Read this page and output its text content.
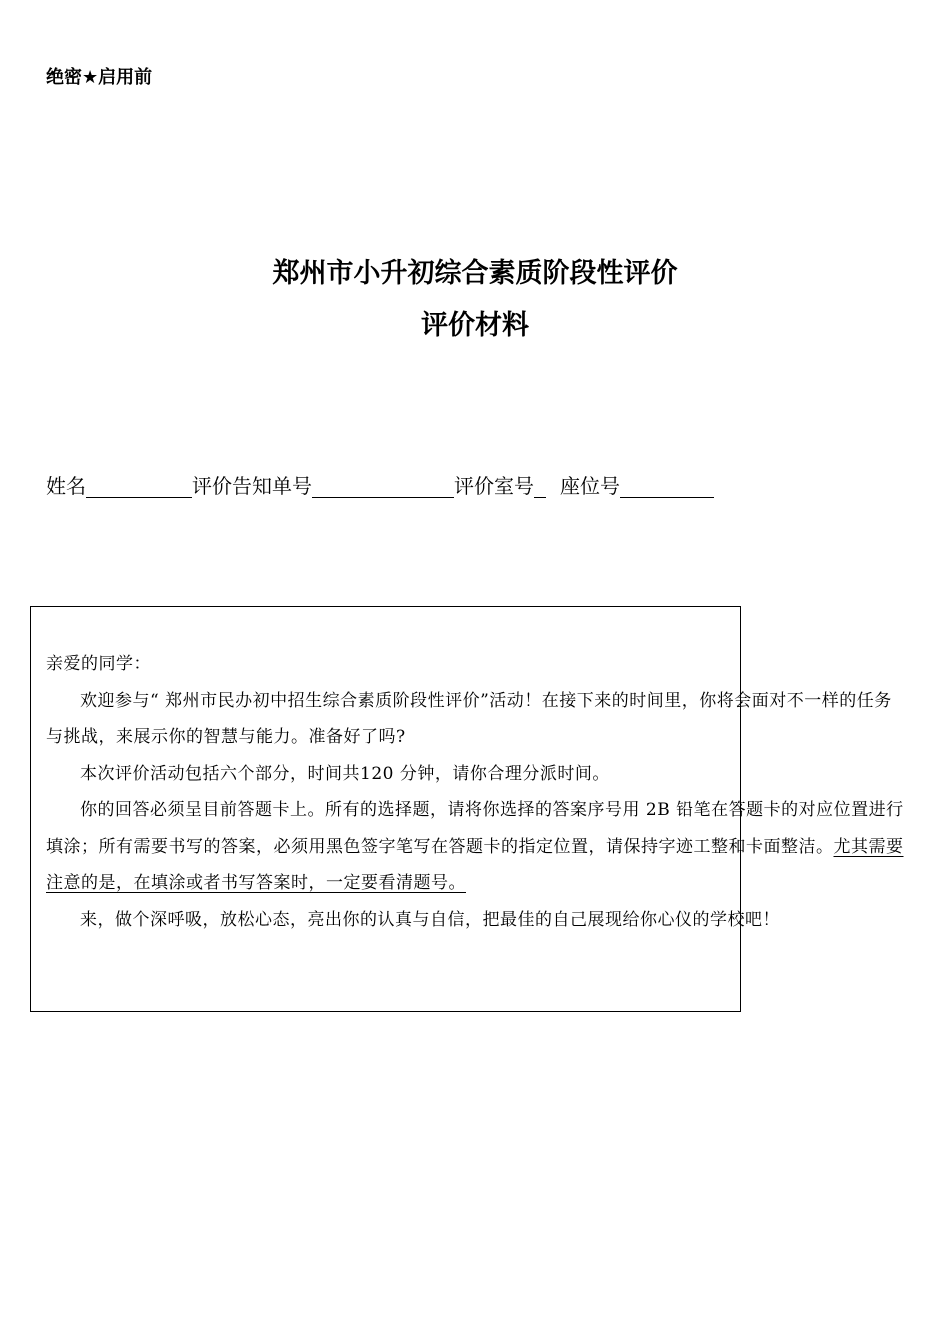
绝密★启用前

郑州市小升初综合素质阶段性评价
评价材料
姓名	评价告知单号	评价室号 座位号

亲爱的同学：

欢迎参与“ 郑州市民办初中招生综合素质阶段性评价”活动！在接下来的时间里，你将会面对不一样的任务与挑战，来展示你的智慧与能力。准备好了吗?

本次评价活动包括六个部分，时间共120 分钟，请你合理分派时间。

你的回答必须呈目前答题卡上。所有的选择题，请将你选择的答案序号用 2B 铅笔在答题卡的对应位置进行填涂；所有需要书写的答案，必须用黑色签字笔写在答题卡的指定位置，请保持字迹工整和卡面整洁。尤其需要注意的是，在填涂或者书写答案时，一定要看清题号。

来，做个深呼吸，放松心态，亮出你的认真与自信，把最佳的自己展现给你心仪的学校吧！
